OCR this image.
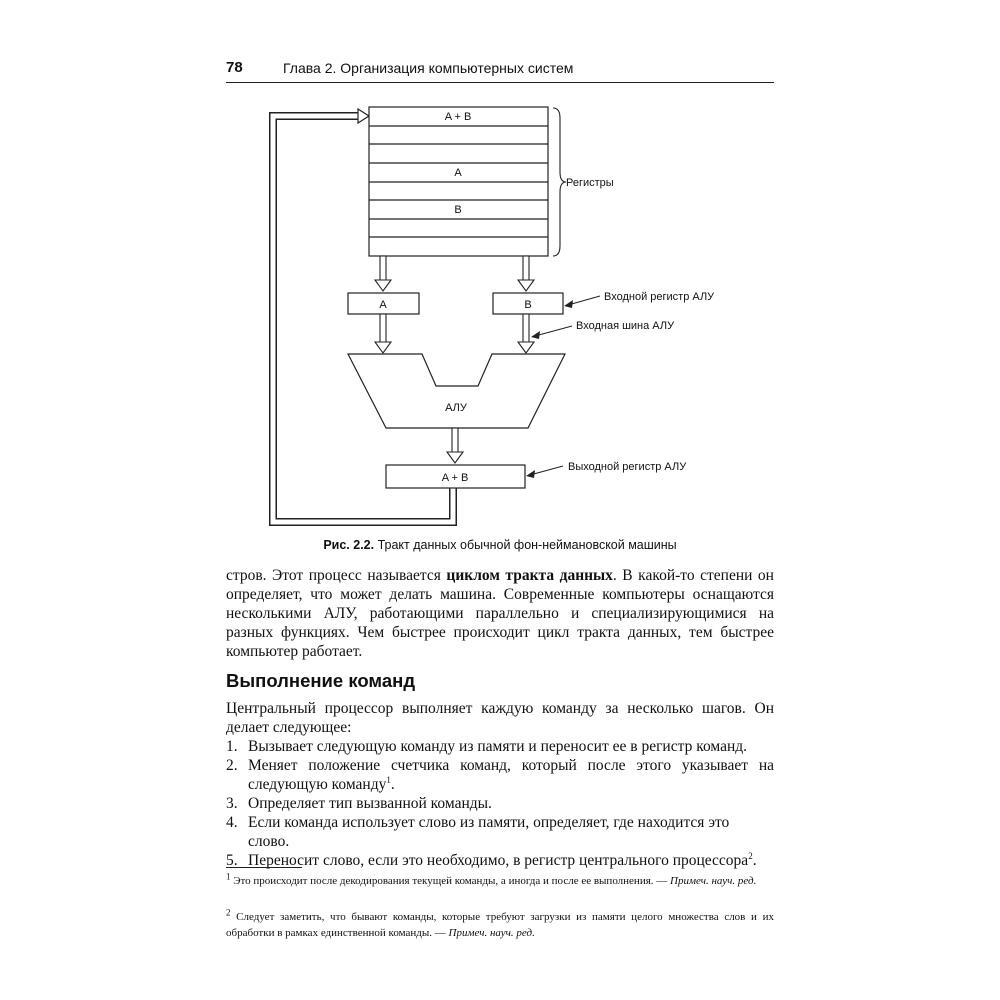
78	Глава 2. Организация компьютерных систем
A + B
A
B
Регистры
A	B
Входной регистр АЛУ
Входная шина АЛУ
АЛУ
A + B
Выходной регистр АЛУ
Рис. 2.2. Тракт данных обычной фон-неймановской машины

стров. Этот процесс называется циклом тракта данных. В какой-то степени он определяет, что может делать машина. Современные компьютеры оснащаются несколькими АЛУ, работающими параллельно и специализирующимися на разных функциях. Чем быстрее происходит цикл тракта данных, тем быстрее компьютер работает.

Выполнение команд

Центральный процессор выполняет каждую команду за несколько шагов. Он делает следующее:

1. Вызывает следующую команду из памяти и переносит ее в регистр команд.
2. Меняет положение счетчика команд, который после этого указывает на следующую команду$^1$.
3. Определяет тип вызванной команды.
4. Если команда использует слово из памяти, определяет, где находится это слово.
5. Переносит слово, если это необходимо, в регистр центрального процессора$^2$.

$^1$ Это происходит после декодирования текущей команды, а иногда и после ее выполнения. — Примеч. науч. ред.

$^2$ Следует заметить, что бывают команды, которые требуют загрузки из памяти целого множества слов и их обработки в рамках единственной команды. — Примеч. науч. ред.
